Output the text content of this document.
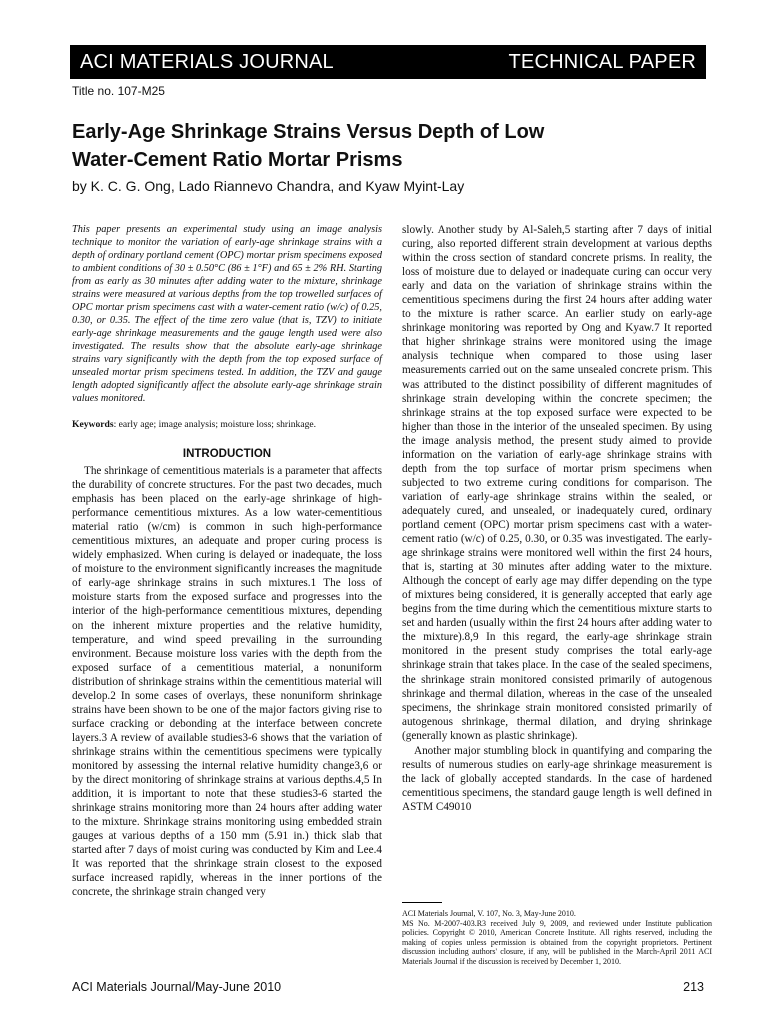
ACI MATERIALS JOURNAL	TECHNICAL PAPER
Title no. 107-M25
Early-Age Shrinkage Strains Versus Depth of Low
Water-Cement Ratio Mortar Prisms
by K. C. G. Ong, Lado Riannevo Chandra, and Kyaw Myint-Lay

This paper presents an experimental study using an image analysis technique to monitor the variation of early-age shrinkage strains with a depth of ordinary portland cement (OPC) mortar prism specimens exposed to ambient conditions of 30 ± 0.50°C (86 ± 1°F) and 65 ± 2% RH. Starting from as early as 30 minutes after adding water to the mixture, shrinkage strains were measured at various depths from the top trowelled surfaces of OPC mortar prism specimens cast with a water-cement ratio (w/c) of 0.25, 0.30, or 0.35. The effect of the time zero value (that is, TZV) to initiate early-age shrinkage measurements and the gauge length used were also investigated. The results show that the absolute early-age shrinkage strains vary significantly with the depth from the top exposed surface of unsealed mortar prism specimens tested. In addition, the TZV and gauge length adopted significantly affect the absolute early-age shrinkage strain values monitored.

Keywords: early age; image analysis; moisture loss; shrinkage.

INTRODUCTION

The shrinkage of cementitious materials is a parameter that affects the durability of concrete structures. For the past two decades, much emphasis has been placed on the early-age shrinkage of high-performance cementitious mixtures. As a low water-cementitious material ratio (w/cm) is common in such high-performance cementitious mixtures, an adequate and proper curing process is widely emphasized. When curing is delayed or inadequate, the loss of moisture to the environment significantly increases the magnitude of early-age shrinkage strains in such mixtures.1 The loss of moisture starts from the exposed surface and progresses into the interior of the high-performance cementitious mixtures, depending on the inherent mixture properties and the relative humidity, temperature, and wind speed prevailing in the surrounding environment. Because moisture loss varies with the depth from the exposed surface of a cementitious material, a nonuniform distribution of shrinkage strains within the cementitious material will develop.2 In some cases of overlays, these nonuniform shrinkage strains have been shown to be one of the major factors giving rise to surface cracking or debonding at the interface between concrete layers.3 A review of available studies3-6 shows that the variation of shrinkage strains within the cementitious specimens were typically monitored by assessing the internal relative humidity change3,6 or by the direct monitoring of shrinkage strains at various depths.4,5 In addition, it is important to note that these studies3-6 started the shrinkage strains monitoring more than 24 hours after adding water to the mixture. Shrinkage strains monitoring using embedded strain gauges at various depths of a 150 mm (5.91 in.) thick slab that started after 7 days of moist curing was conducted by Kim and Lee.4 It was reported that the shrinkage strain closest to the exposed surface increased rapidly, whereas in the inner portions of the concrete, the shrinkage strain changed very

slowly. Another study by Al-Saleh,5 starting after 7 days of initial curing, also reported different strain development at various depths within the cross section of standard concrete prisms. In reality, the loss of moisture due to delayed or inadequate curing can occur very early and data on the variation of shrinkage strains within the cementitious specimens during the first 24 hours after adding water to the mixture is rather scarce. An earlier study on early-age shrinkage monitoring was reported by Ong and Kyaw.7 It reported that higher shrinkage strains were monitored using the image analysis technique when compared to those using laser measurements carried out on the same unsealed concrete prism. This was attributed to the distinct possibility of different magnitudes of shrinkage strain developing within the concrete specimen; the shrinkage strains at the top exposed surface were expected to be higher than those in the interior of the unsealed specimen. By using the image analysis method, the present study aimed to provide information on the variation of early-age shrinkage strains with depth from the top surface of mortar prism specimens when subjected to two extreme curing conditions for comparison. The variation of early-age shrinkage strains within the sealed, or adequately cured, and unsealed, or inadequately cured, ordinary portland cement (OPC) mortar prism specimens cast with a water-cement ratio (w/c) of 0.25, 0.30, or 0.35 was investigated. The early-age shrinkage strains were monitored well within the first 24 hours, that is, starting at 30 minutes after adding water to the mixture. Although the concept of early age may differ depending on the type of mixtures being considered, it is generally accepted that early age begins from the time during which the cementitious mixture starts to set and harden (usually within the first 24 hours after adding water to the mixture).8,9 In this regard, the early-age shrinkage strain monitored in the present study comprises the total early-age shrinkage strain that takes place. In the case of the sealed specimens, the shrinkage strain monitored consisted primarily of autogenous shrinkage and thermal dilation, whereas in the case of the unsealed specimens, the shrinkage strain monitored consisted primarily of autogenous shrinkage, thermal dilation, and drying shrinkage (generally known as plastic shrinkage).

Another major stumbling block in quantifying and comparing the results of numerous studies on early-age shrinkage measurement is the lack of globally accepted standards. In the case of hardened cementitious specimens, the standard gauge length is well defined in ASTM C49010

ACI Materials Journal, V. 107, No. 3, May-June 2010.
MS No. M-2007-403.R3 received July 9, 2009, and reviewed under Institute publication policies. Copyright © 2010, American Concrete Institute. All rights reserved, including the making of copies unless permission is obtained from the copyright proprietors. Pertinent discussion including authors' closure, if any, will be published in the March-April 2011 ACI Materials Journal if the discussion is received by December 1, 2010.
ACI Materials Journal/May-June 2010	213
